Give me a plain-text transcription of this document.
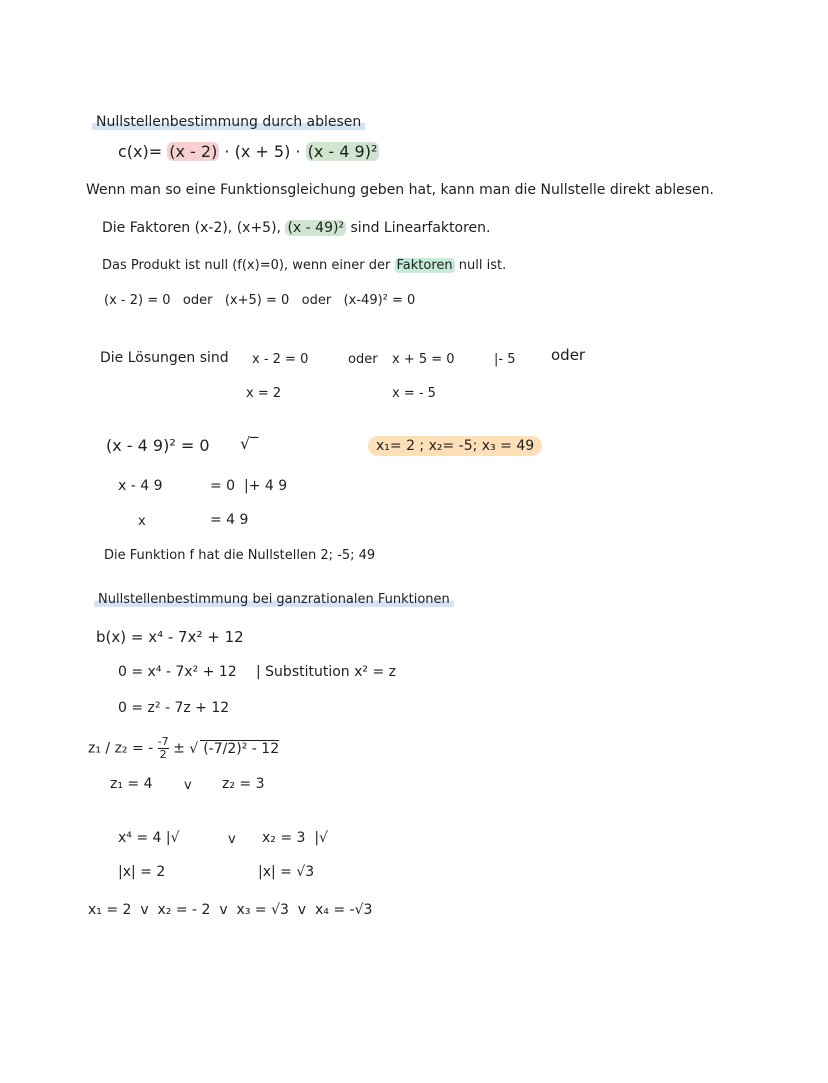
Nullstellenbestimmung durch ablesen
c(x)= (x - 2) · (x + 5) · (x - 4 9)²
Wenn man so eine Funktionsgleichung geben hat, kann man die Nullstelle direkt ablesen.
Die Faktoren (x-2), (x+5), (x - 49)² sind Linearfaktoren.
Das Produkt ist null (f(x)=0), wenn einer der Faktoren null ist.
(x - 2) = 0   oder   (x+5) = 0   oder   (x-49)² = 0
Die Lösungen sind x - 2 = 0	oder x + 5 = 0	|- 5 oder
x = 2	x = - 5
(x - 4 9)² = 0 √‾
x - 4 9	= 0  |+ 4 9
x	= 4 9
x₁= 2 ; x₂= -5; x₃ = 49
Die Funktion f hat die Nullstellen 2; -5; 49
Nullstellenbestimmung bei ganzrationalen Funktionen
b(x) = x⁴ - 7x² + 12
0 = x⁴ - 7x² + 12 | Substitution x² = z
0 = z² - 7z + 12
z₁ / z₂ = - $\frac{-7}{2}$ ± √ (-7/2)² - 12
z₁ = 4 v z₂ = 3
x⁴ = 4 |√	v x₂ = 3  |√
|x| = 2	|x| = √3
x₁ = 2  v  x₂ = - 2  v  x₃ = √3  v  x₄ = -√3
